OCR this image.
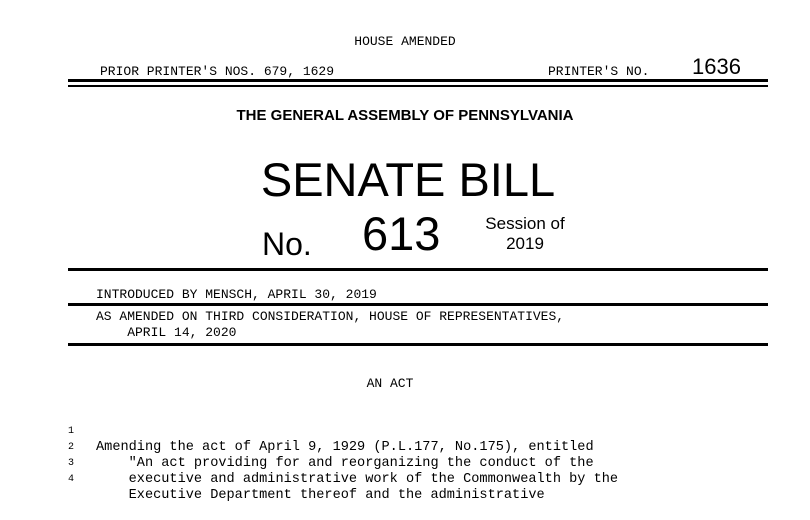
HOUSE AMENDED
PRIOR PRINTER'S NOS. 679, 1629	PRINTER'S NO. 1636
THE GENERAL ASSEMBLY OF PENNSYLVANIA
SENATE BILL
No. 613	Session of
2019
INTRODUCED BY MENSCH, APRIL 30, 2019
AS AMENDED ON THIRD CONSIDERATION, HOUSE OF REPRESENTATIVES,
APRIL 14, 2020
AN ACT

1

Amending the act of April 9, 1929 (P.L.177, No.175), entitled

2

"An act providing for and reorganizing the conduct of the

3

executive and administrative work of the Commonwealth by the

4

Executive Department thereof and the administrative
